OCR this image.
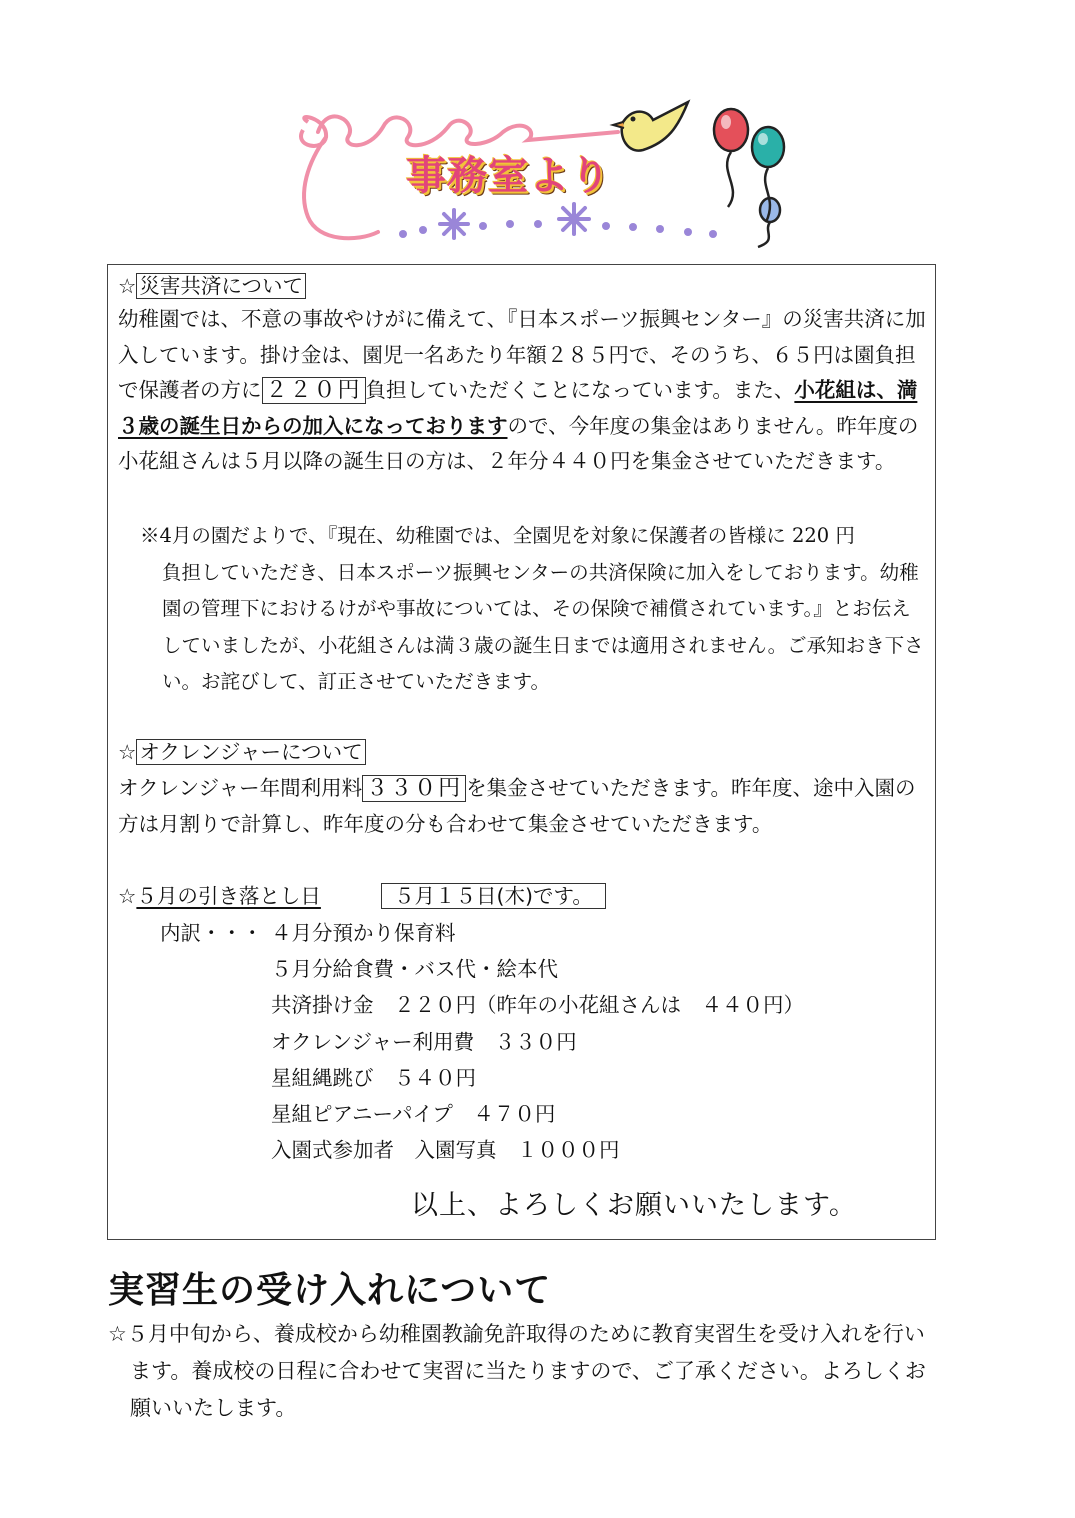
事務室より
☆ 災害共済について
幼稚園では、不意の事故やけがに備えて、『日本スポーツ振興センター』の災害共済に加入しています。掛け金は、園児一名あたり年額２８５円で、そのうち、６５円は園負担で保護者の方に ２２０円 負担していただくことになっています。また、小花組は、満３歳の誕生日からの加入になっておりますので、今年度の集金はありません。昨年度の小花組さんは５月以降の誕生日の方は、２年分４４０円を集金させていただきます。
※4月の園だよりで、『現在、幼稚園では、全園児を対象に保護者の皆様に 220 円
負担していただき、日本スポーツ振興センターの共済保険に加入をしております。幼稚園の管理下におけるけがや事故については、その保険で補償されています。』とお伝えしていましたが、小花組さんは満３歳の誕生日までは適用されません。ご承知おき下さい。お詫びして、訂正させていただきます。
☆ オクレンジャーについて
オクレンジャー年間利用料 ３３０円 を集金させていただきます。昨年度、途中入園の方は月割りで計算し、昨年度の分も合わせて集金させていただきます。
☆５月の引き落とし日	５月１５日(木)です。
内訳・・・ ４月分預かり保育料
５月分給食費・バス代・絵本代
共済掛け金　２２０円（昨年の小花組さんは　４４０円）
オクレンジャー利用費　３３０円
星組縄跳び　５４０円
星組ピアニーパイプ　４７０円
入園式参加者　入園写真　１０００円
以上、よろしくお願いいたします。
実習生の受け入れについて
☆５月中旬から、養成校から幼稚園教諭免許取得のために教育実習生を受け入れを行い
ます。養成校の日程に合わせて実習に当たりますので、ご了承ください。よろしくお
願いいたします。
